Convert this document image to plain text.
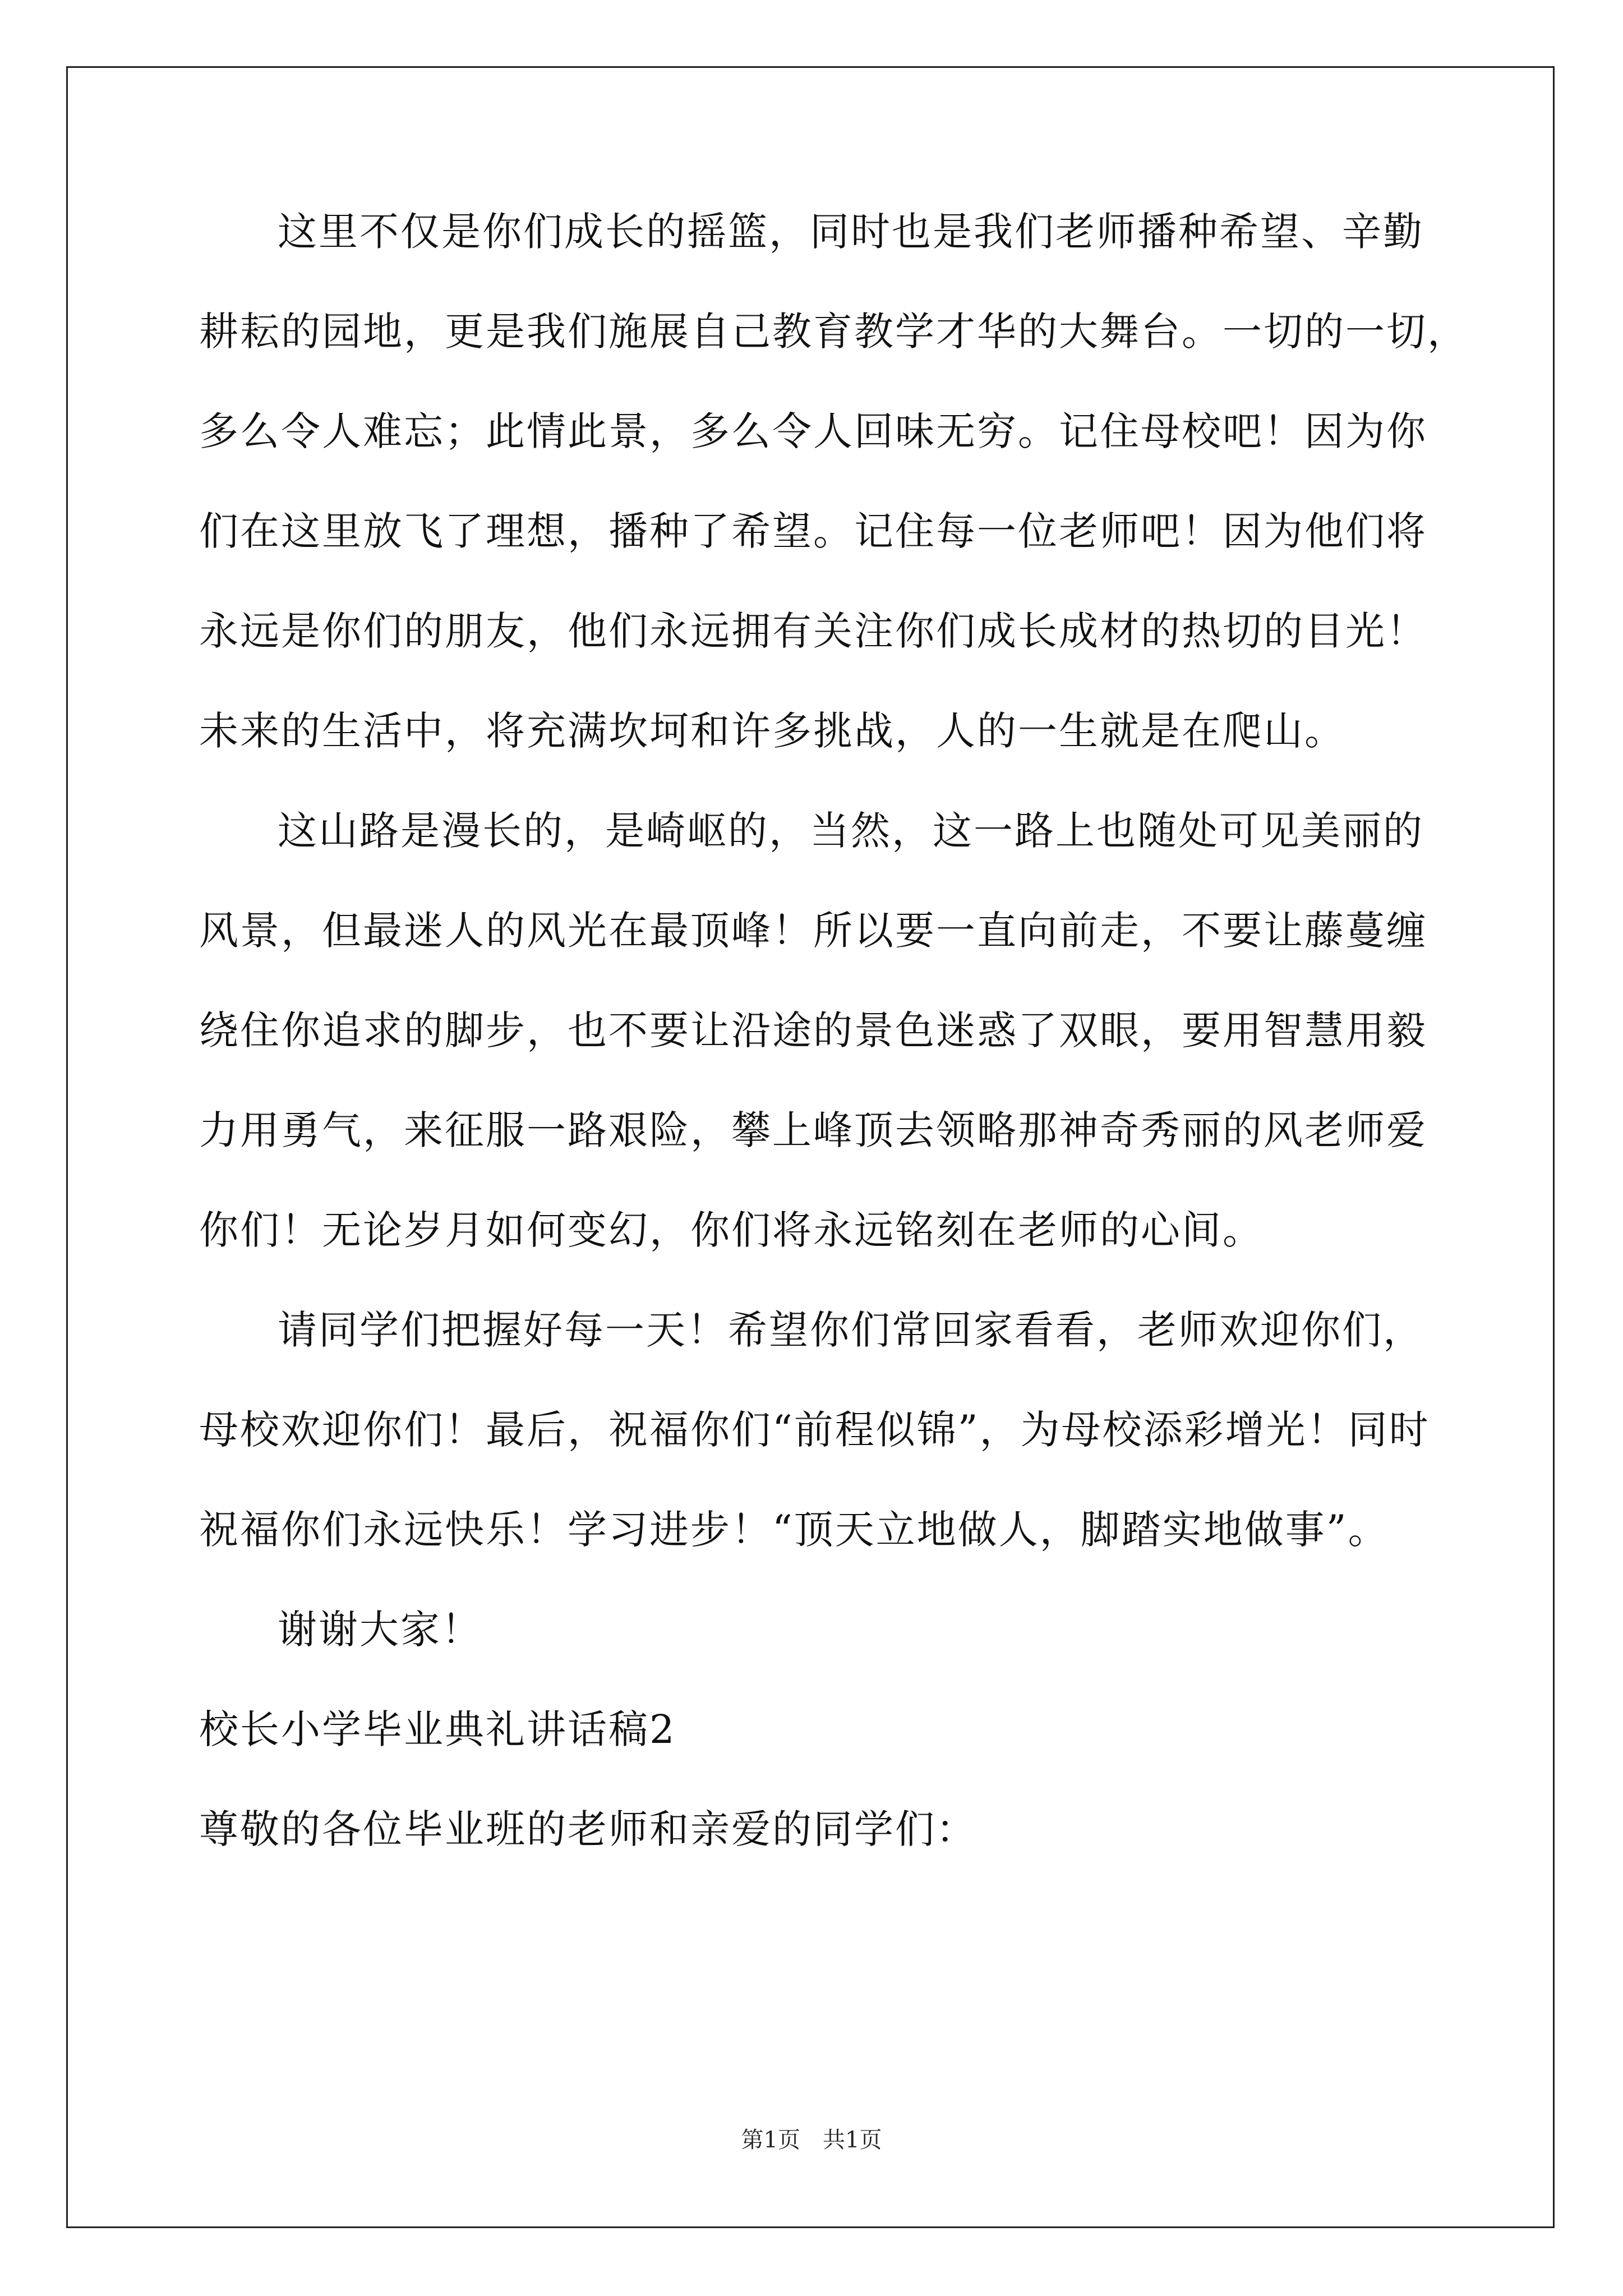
这里不仅是你们成长的摇篮，同时也是我们老师播种希望、辛勤
耕耘的园地，更是我们施展自己教育教学才华的大舞台。一切的一切，
多么令人难忘；此情此景，多么令人回味无穷。记住母校吧！因为你
们在这里放飞了理想，播种了希望。记住每一位老师吧！因为他们将
永远是你们的朋友，他们永远拥有关注你们成长成材的热切的目光！
未来的生活中，将充满坎坷和许多挑战，人的一生就是在爬山。
这山路是漫长的，是崎岖的，当然，这一路上也随处可见美丽的
风景，但最迷人的风光在最顶峰！所以要一直向前走，不要让藤蔓缠
绕住你追求的脚步，也不要让沿途的景色迷惑了双眼，要用智慧用毅
力用勇气，来征服一路艰险，攀上峰顶去领略那神奇秀丽的风老师爱
你们！无论岁月如何变幻，你们将永远铭刻在老师的心间。
请同学们把握好每一天！希望你们常回家看看，老师欢迎你们，
母校欢迎你们！最后，祝福你们“前程似锦”，为母校添彩增光！同时
祝福你们永远快乐！学习进步！“顶天立地做人，脚踏实地做事”。
谢谢大家！
校长小学毕业典礼讲话稿2
尊敬的各位毕业班的老师和亲爱的同学们：
第1页　共1页
